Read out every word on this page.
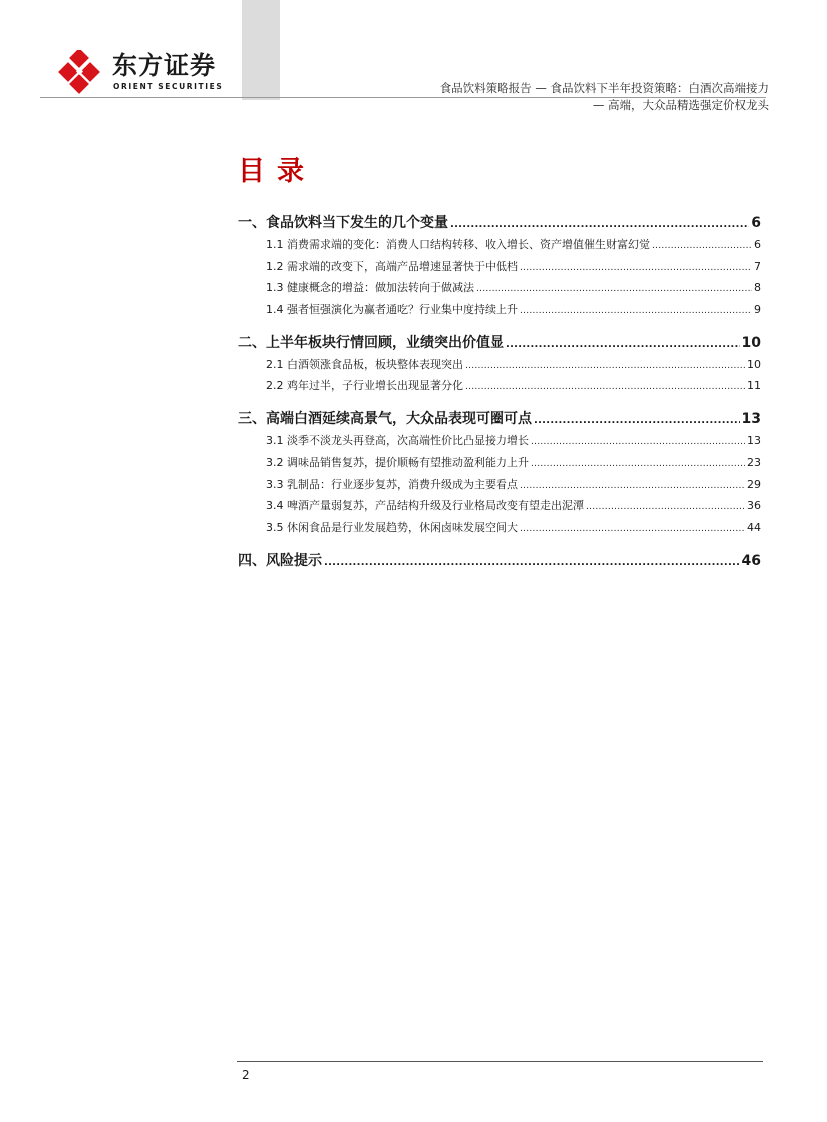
东方证券
ORIENT SECURITIES	食品饮料策略报告 — 食品饮料下半年投资策略：白酒次高端接力
— 高端，大众品精选强定价权龙头
目录
一、食品饮料当下发生的几个变量 . . .	6
1.1 消费需求端的变化：消费人口结构转移、收入增长、资产增值催生财富幻觉 . . .	6
1.2 需求端的改变下，高端产品增速显著快于中低档 . . .	7
1.3 健康概念的增益：做加法转向于做减法 . . .	8
1.4 强者恒强演化为赢者通吃？行业集中度持续上升 . . .	9
二、上半年板块行情回顾，业绩突出价值显 . . .	10
2.1 白酒领涨食品板，板块整体表现突出 . . .	10
2.2 鸡年过半，子行业增长出现显著分化 . . .	11
三、高端白酒延续高景气，大众品表现可圈可点 . . .	13
3.1 淡季不淡龙头再登高，次高端性价比凸显接力增长 . . .	13
3.2 调味品销售复苏，提价顺畅有望推动盈利能力上升 . . .	23
3.3 乳制品：行业逐步复苏，消费升级成为主要看点 . . .	29
3.4 啤酒产量弱复苏，产品结构升级及行业格局改变有望走出泥潭 . . .	36
3.5 休闲食品是行业发展趋势，休闲卤味发展空间大 . . .	44
四、风险提示 . . .	46
2
